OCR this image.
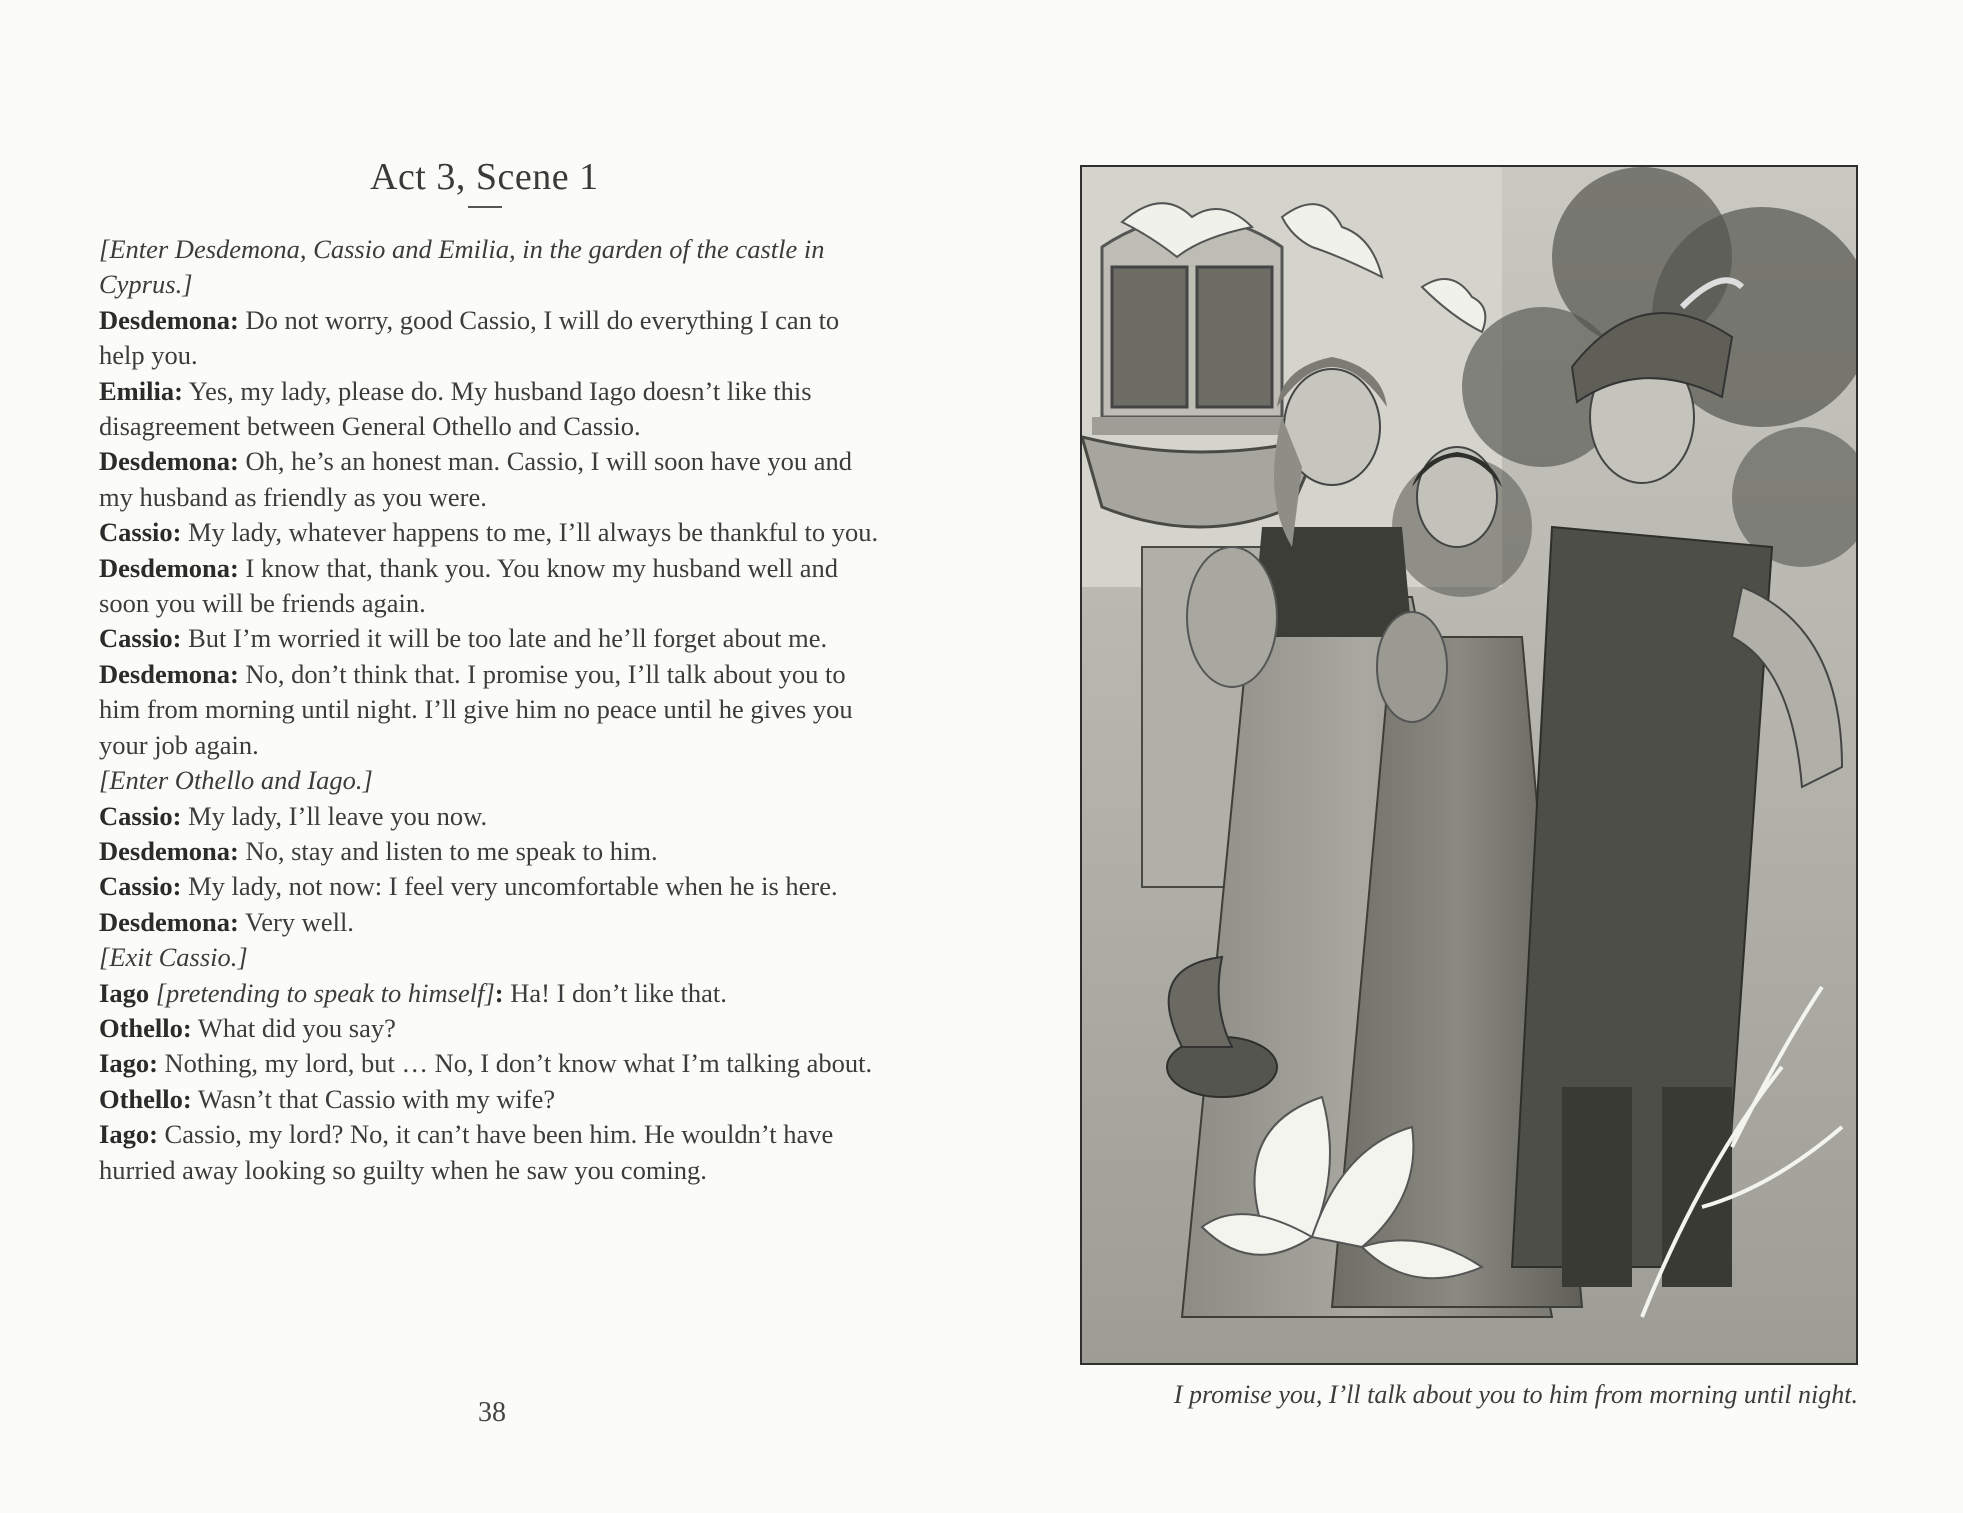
Act 3, Scene 1

[Enter Desdemona, Cassio and Emilia, in the garden of the castle in Cyprus.]

Desdemona: Do not worry, good Cassio, I will do everything I can to help you.

Emilia: Yes, my lady, please do. My husband Iago doesn’t like this disagreement between General Othello and Cassio.

Desdemona: Oh, he’s an honest man. Cassio, I will soon have you and my husband as friendly as you were.

Cassio: My lady, whatever happens to me, I’ll always be thankful to you.

Desdemona: I know that, thank you. You know my husband well and soon you will be friends again.

Cassio: But I’m worried it will be too late and he’ll forget about me.

Desdemona: No, don’t think that. I promise you, I’ll talk about you to him from morning until night. I’ll give him no peace until he gives you your job again.

[Enter Othello and Iago.]

Cassio: My lady, I’ll leave you now.

Desdemona: No, stay and listen to me speak to him.

Cassio: My lady, not now: I feel very uncomfortable when he is here.

Desdemona: Very well.

[Exit Cassio.]

Iago [pretending to speak to himself]: Ha! I don’t like that.

Othello: What did you say?

Iago: Nothing, my lord, but … No, I don’t know what I’m talking about.

Othello: Wasn’t that Cassio with my wife?

Iago: Cassio, my lord? No, it can’t have been him. He wouldn’t have hurried away looking so guilty when he saw you coming.

38
I promise you, I’ll talk about you to him from morning until night.
